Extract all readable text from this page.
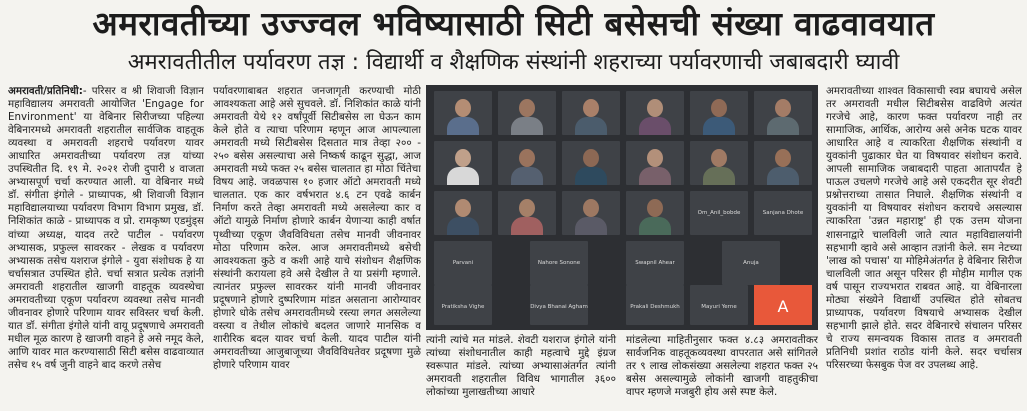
अमरावतीच्या उज्ज्वल भविष्यासाठी सिटी बसेसची संख्या वाढवावयात
अमरावतीतील पर्यावरण तज्ञ : विद्यार्थी व शैक्षणिक संस्थांनी शहराच्या पर्यावरणाची जबाबदारी घ्यावी

अमरावती/प्रतिनिधी:- परिसर व श्री शिवाजी विज्ञान महाविद्यालय अमरावती आयोजित 'Engage for Environment' या वेबिनार सिरीजच्या पहिल्या वेबिनारमध्ये अमरावती शहरातील सार्वजिक वाहतूक व्यवस्था व अमरावती शहराचे पर्यावरण यावर आधारित अमरावतीच्या पर्यावरण तज्ञ यांच्या उपस्थितीत दि. १९ मे. २०२१ रोजी दुपारी ४ वाजता अभ्यासपूर्ण चर्चा करण्यात आली. या वेबिनार मध्ये डॉ. संगीता इंगोले - प्राध्यापक, श्री शिवाजी विज्ञान महाविद्यालयाच्या पर्यावरण विभाग विभाग प्रमुख, डॉ. निशिकांत काळे - प्राध्यापक व प्रो. रामकृष्ण एडमुंड्स वांच्या अध्यक्ष, यादव तरटे पाटील - पर्यावरण अभ्यासक, प्रफुल्ल सावरकर - लेखक व पर्यावरण अभ्यासक तसेच यशराज इंगोले - युवा संशोधक हे या चर्चासत्रात उपस्थित होते. चर्चा सत्रात प्रत्येक तज्ञांनी अमरावती शहरातील खाजगी वाहतूक व्यवस्थेचा अमरावतीच्या एकूण पर्यावरण व्यवस्था तसेच मानवी जीवनावर होणारे परिणाम यावर सविस्तर चर्चा केली. यात डॉ. संगीता इंगोले यांनी वायू प्रदूषणाचे अमरावती मधील मूळ कारण हे खाजगी वाहने हे असे नमूद केले, आणि यावर मात करण्यासाठी सिटी बसेस वाढवाव्यात तसेच १५ वर्ष जुनी वाहने बाद करणे तसेच

पर्यावरणाबाबत शहरात जनजागृती करण्याची मोठी आवश्यकता आहे असे सुचवले. डॉ. निशिकांत काळे यांनी अमरावती येथे १२ वर्षांपूर्वी सिटीबसेस ला घेऊन काम केले होते व त्याचा परिणाम म्हणून आज आपल्याला अमरावती मध्ये सिटीबसेस दिसतात मात्र तेव्हा २०० - २५० बसेस असल्याचा असे निष्कर्ष काढून सुद्धा, आज अमरावती मध्ये फक्त २५ बसेस चालतात हा मोठा चिंतेचा विषय आहे. जवळपास १० हजार ऑटो अमरावती मध्ये चालतात. एक कार वर्षभरात ४.६ टन एवढे कार्बन निर्माण करते तेव्हा अमरावती मध्ये असलेल्या कार व ऑटो यामुळे निर्माण होणारे कार्बन येणाऱ्या काही वर्षात पृथ्वीच्या एकूण जैवविविधता तसेच मानवी जीवनावर मोठा परिणाम करेल. आज अमरावतीमध्ये बसेची आवश्यकता कुठे व कशी आहे याचे संशोधन शैक्षणिक संस्थांनी करायला हवे असे देखील ते या प्रसंगी म्हणाले. त्यानंतर प्रफुल्ल सावरकर यांनी मानवी जीवनावर प्रदूषणाने होणारे दुष्परिणाम मांडत असताना आरोग्यावर होणारे धोके तसेच अमरावतीमध्ये रस्त्या लगत असलेल्या वस्त्या व तेथील लोकांचे बदलत जाणारे मानसिक व शारीरिक बदल यावर चर्चा केली. यादव पाटील यांनी अमरावतीच्या आजुबाजूच्या जैवविविधतेवर प्रदूषणा मुळे होणारे परिणाम यावर

Om_Anil_bobde	Sanjana Dhote
Parvani	Nahore Sonone	Swapnil Ahear	Anuja
Pratiksha Vighe	Divya Bhanai Agham	Prakali Deshmukh	Mayuri Yerne	A
त्यांनी त्यांचे मत मांडले. शेवटी यशराज इंगोले यांनी त्यांच्या संशोधनातील काही महत्वाचे मुद्दे इंग्रज स्वरूपात मांडले. त्यांच्या अभ्यासाअंतर्गत त्यांनी अमरावती शहरातील विविध भागातील ३६०० लोकांच्या मुलाखतीच्या आधारे
मांडलेल्या माहितीनुसार फक्त ४.८३ अमरावतीकर सार्वजनिक वाहतूकव्यवस्था वापरतात असे सांगितले तर ९ लाख लोकसंख्या असलेल्या शहरात फक्त २५ बसेस असल्यामुळे लोकांनी खाजगी वाहतुकीचा वापर म्हणजे मजबुरी होय असे स्पष्ट केले.

अमरावतीच्या शाश्वत विकासाची स्वप्न बघायचे असेल तर अमरावती मधील सिटीबसेस वाढविणे अत्यंत गरजेचे आहे, कारण फक्त पर्यावरण नाही तर सामाजिक, आर्थिक, आरोग्य असे अनेक घटक यावर आधारित आहे व त्याकरिता शैक्षणिक संस्थांनी व युवकांनी पुढाकार घेत या विषयावर संशोधन करावे. आपली सामाजिक जबाबदारी पाहता आतापर्यंत हे पाऊल उचलणे गरजेचे आहे असे एकदरीत सूर शेवटी प्रश्नोत्तराच्या तासात निघाले. शैक्षणिक संस्थांनी व युवकांनी या विषयावर संशोधन करायचे असल्यास त्याकरिता 'उन्नत महाराष्ट्र' ही एक उत्तम योजना शासनाद्वारे चालविली जाते त्यात महाविद्यालयांनी सहभागी व्हावे असे आव्हान तज्ञांनी केले. सम नेटच्या 'लाख को पचास' या मोहिमेअंतर्गत हे वेबिनार सिरीज चालविली जात असून परिसर ही मोहीम मागील एक वर्ष पासून राज्यभरात राबवत आहे. या वेबिनारला मोठ्या संख्येने विद्यार्थी उपस्थित होते सोबतच प्राध्यापक, पर्यावरण विषयाचे अभ्यासक देखील सहभागी झाले होते. सदर वेबिनारचे संचालन परिसर चे राज्य समन्वयक विकास तातड व अमरावती प्रतिनिधी प्रशांत राठोड यांनी केले. सदर चर्चासत्र परिसरच्या फेसबुक पेज वर उपलब्ध आहे.
